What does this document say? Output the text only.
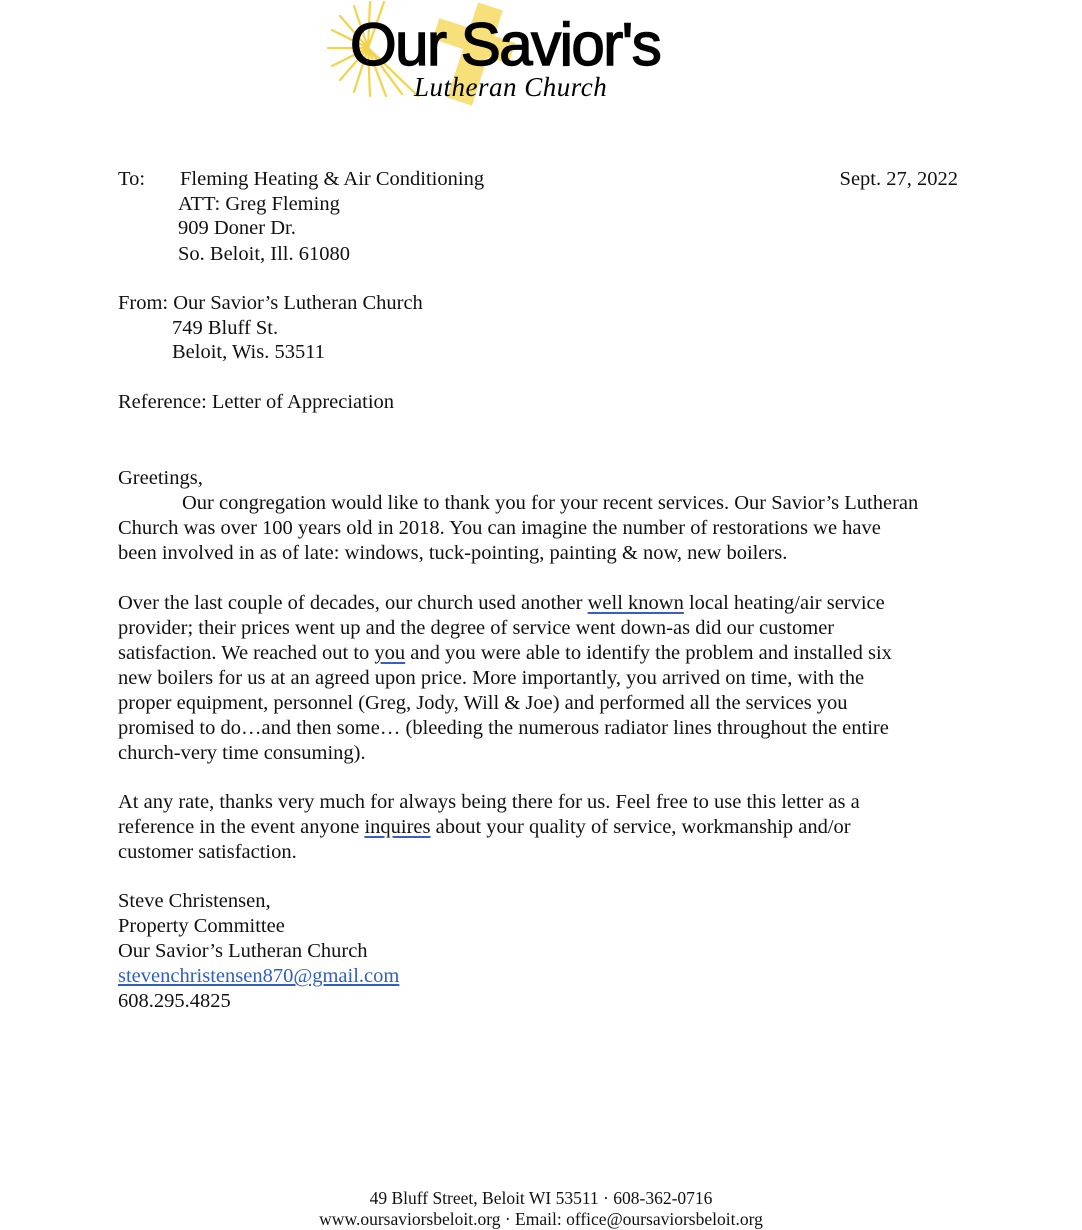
Our Savior's
Lutheran Church
To: Fleming Heating & Air Conditioning
ATT: Greg Fleming
909 Doner Dr.
So. Beloit, Ill. 61080
Sept. 27, 2022
From: Our Savior’s Lutheran Church
749 Bluff St.
Beloit, Wis. 53511
Reference: Letter of Appreciation
Greetings,
Our congregation would like to thank you for your recent services. Our Savior’s Lutheran
Church was over 100 years old in 2018. You can imagine the number of restorations we have
been involved in as of late: windows, tuck-pointing, painting & now, new boilers.
Over the last couple of decades, our church used another well known local heating/air service
provider; their prices went up and the degree of service went down-as did our customer
satisfaction. We reached out to you and you were able to identify the problem and installed six
new boilers for us at an agreed upon price. More importantly, you arrived on time, with the
proper equipment, personnel (Greg, Jody, Will & Joe) and performed all the services you
promised to do…and then some… (bleeding the numerous radiator lines throughout the entire
church-very time consuming).
At any rate, thanks very much for always being there for us. Feel free to use this letter as a
reference in the event anyone inquires about your quality of service, workmanship and/or
customer satisfaction.
Steve Christensen,
Property Committee
Our Savior’s Lutheran Church
stevenchristensen870@gmail.com
608.295.4825
49 Bluff Street, Beloit WI 53511 · 608-362-0716
www.oursaviorsbeloit.org · Email: office@oursaviorsbeloit.org
